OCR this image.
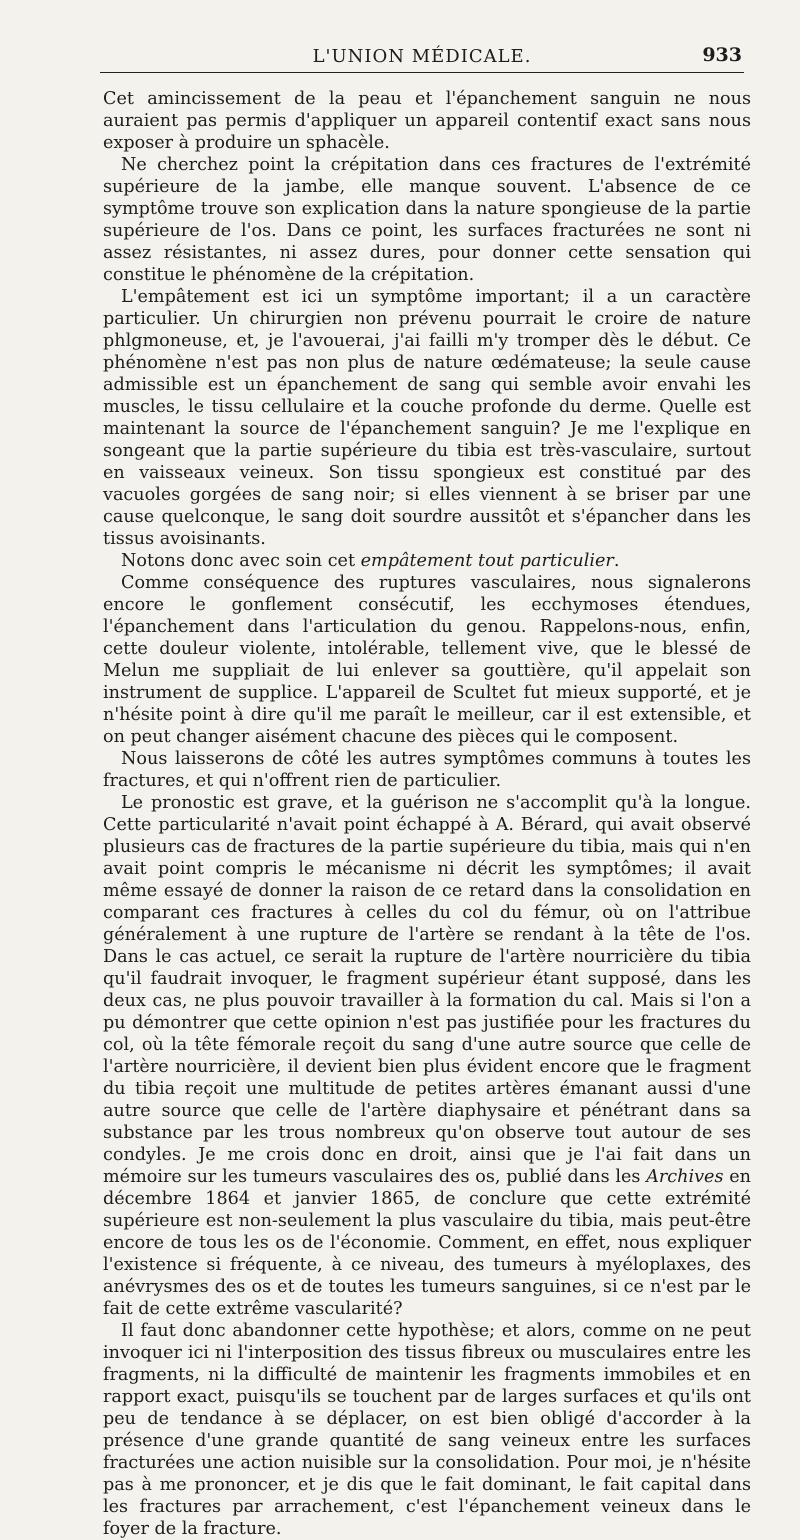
L'UNION MÉDICALE.	933

Cet amincissement de la peau et l'épanchement sanguin ne nous auraient pas permis d'appliquer un appareil contentif exact sans nous exposer à produire un sphacèle.

Ne cherchez point la crépitation dans ces fractures de l'extrémité supérieure de la jambe, elle manque souvent. L'absence de ce symptôme trouve son explication dans la nature spongieuse de la partie supérieure de l'os. Dans ce point, les surfaces fracturées ne sont ni assez résistantes, ni assez dures, pour donner cette sensation qui constitue le phénomène de la crépitation.

L'empâtement est ici un symptôme important; il a un caractère particulier. Un chirurgien non prévenu pourrait le croire de nature phlgmoneuse, et, je l'avouerai, j'ai failli m'y tromper dès le début. Ce phénomène n'est pas non plus de nature œdémateuse; la seule cause admissible est un épanchement de sang qui semble avoir envahi les muscles, le tissu cellulaire et la couche profonde du derme. Quelle est maintenant la source de l'épanchement sanguin? Je me l'explique en songeant que la partie supérieure du tibia est très-vasculaire, surtout en vaisseaux veineux. Son tissu spongieux est constitué par des vacuoles gorgées de sang noir; si elles viennent à se briser par une cause quelconque, le sang doit sourdre aussitôt et s'épancher dans les tissus avoisinants.

Notons donc avec soin cet empâtement tout particulier.

Comme conséquence des ruptures vasculaires, nous signalerons encore le gonflement consécutif, les ecchymoses étendues, l'épanchement dans l'articulation du genou. Rappelons-nous, enfin, cette douleur violente, intolérable, tellement vive, que le blessé de Melun me suppliait de lui enlever sa gouttière, qu'il appelait son instrument de supplice. L'appareil de Scultet fut mieux supporté, et je n'hésite point à dire qu'il me paraît le meilleur, car il est extensible, et on peut changer aisément chacune des pièces qui le composent.

Nous laisserons de côté les autres symptômes communs à toutes les fractures, et qui n'offrent rien de particulier.

Le pronostic est grave, et la guérison ne s'accomplit qu'à la longue. Cette particularité n'avait point échappé à A. Bérard, qui avait observé plusieurs cas de fractures de la partie supérieure du tibia, mais qui n'en avait point compris le mécanisme ni décrit les symptômes; il avait même essayé de donner la raison de ce retard dans la consolidation en comparant ces fractures à celles du col du fémur, où on l'attribue généralement à une rupture de l'artère se rendant à la tête de l'os. Dans le cas actuel, ce serait la rupture de l'artère nourricière du tibia qu'il faudrait invoquer, le fragment supérieur étant supposé, dans les deux cas, ne plus pouvoir travailler à la formation du cal. Mais si l'on a pu démontrer que cette opinion n'est pas justifiée pour les fractures du col, où la tête fémorale reçoit du sang d'une autre source que celle de l'artère nourricière, il devient bien plus évident encore que le fragment du tibia reçoit une multitude de petites artères émanant aussi d'une autre source que celle de l'artère diaphysaire et pénétrant dans sa substance par les trous nombreux qu'on observe tout autour de ses condyles. Je me crois donc en droit, ainsi que je l'ai fait dans un mémoire sur les tumeurs vasculaires des os, publié dans les Archives en décembre 1864 et janvier 1865, de conclure que cette extrémité supérieure est non-seulement la plus vasculaire du tibia, mais peut-être encore de tous les os de l'économie. Comment, en effet, nous expliquer l'existence si fréquente, à ce niveau, des tumeurs à myéloplaxes, des anévrysmes des os et de toutes les tumeurs sanguines, si ce n'est par le fait de cette extrême vascularité?

Il faut donc abandonner cette hypothèse; et alors, comme on ne peut invoquer ici ni l'interposition des tissus fibreux ou musculaires entre les fragments, ni la difficulté de maintenir les fragments immobiles et en rapport exact, puisqu'ils se touchent par de larges surfaces et qu'ils ont peu de tendance à se déplacer, on est bien obligé d'accorder à la présence d'une grande quantité de sang veineux entre les surfaces fracturées une action nuisible sur la consolidation. Pour moi, je n'hésite pas à me prononcer, et je dis que le fait dominant, le fait capital dans les fractures par arrachement, c'est l'épanchement veineux dans le foyer de la fracture.
